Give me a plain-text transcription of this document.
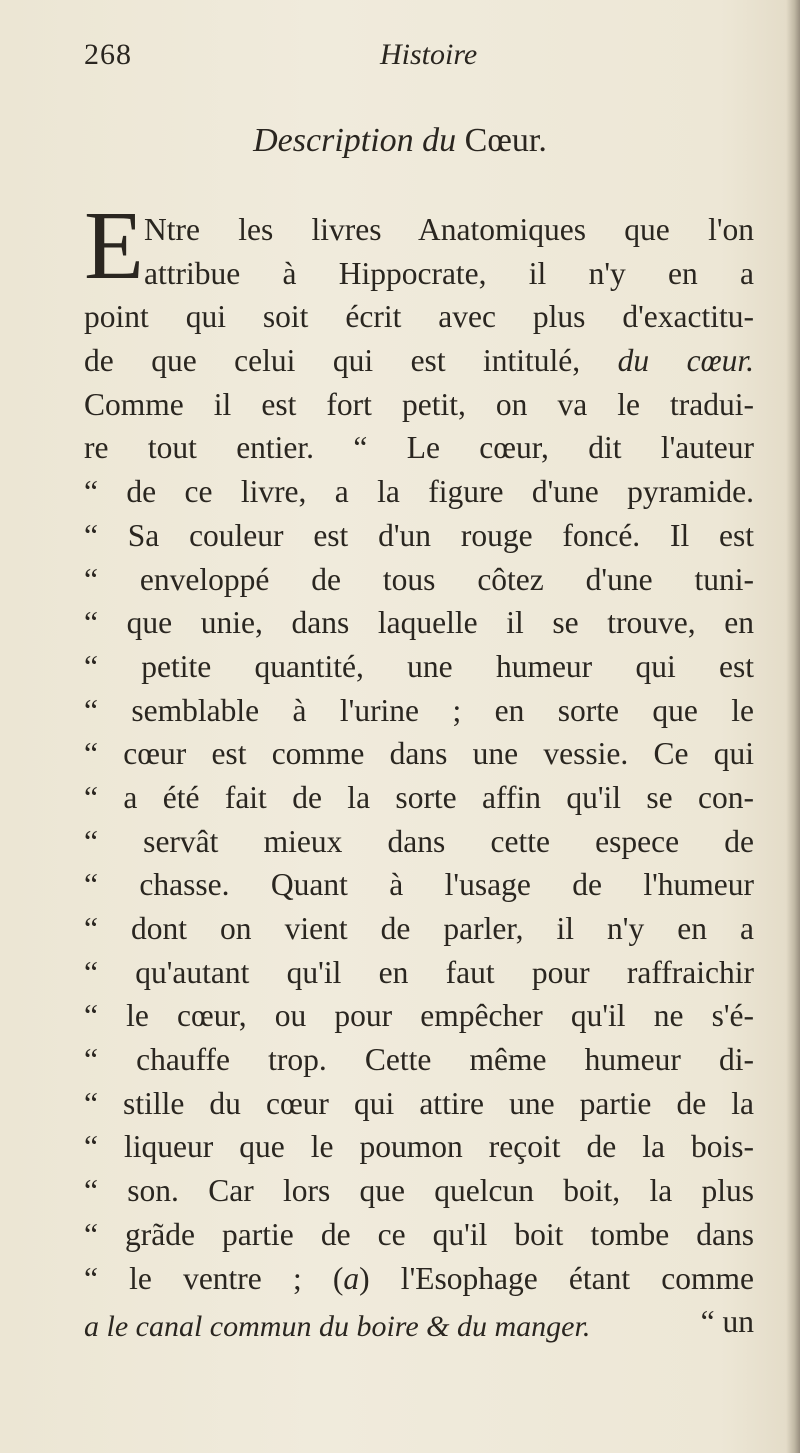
268	Histoire
Description du Cœur.
E Ntre les livres Anatomiques que l'on
attribue à Hippocrate, il n'y en a
point qui soit écrit avec plus d'exactitu-
de que celui qui est intitulé, du cœur.
Comme il est fort petit, on va le tradui-
re tout entier. “ Le cœur, dit l'auteur
“ de ce livre, a la figure d'une pyramide.
“ Sa couleur est d'un rouge foncé. Il est
“ enveloppé de tous côtez d'une tuni-
“ que unie, dans laquelle il se trouve, en
“ petite quantité, une humeur qui est
“ semblable à l'urine ; en sorte que le
“ cœur est comme dans une vessie. Ce qui
“ a été fait de la sorte affin qu'il se con-
“ servât mieux dans cette espece de
“ chasse. Quant à l'usage de l'humeur
“ dont on vient de parler, il n'y en a
“ qu'autant qu'il en faut pour raffraichir
“ le cœur, ou pour empêcher qu'il ne s'é-
“ chauffe trop. Cette même humeur di-
“ stille du cœur qui attire une partie de la
“ liqueur que le poumon reçoit de la bois-
“ son. Car lors que quelcun boit, la plus
“ grãde partie de ce qu'il boit tombe dans
“ le ventre ; (a) l'Esophage étant comme
“ un
a le canal commun du boire & du manger.
